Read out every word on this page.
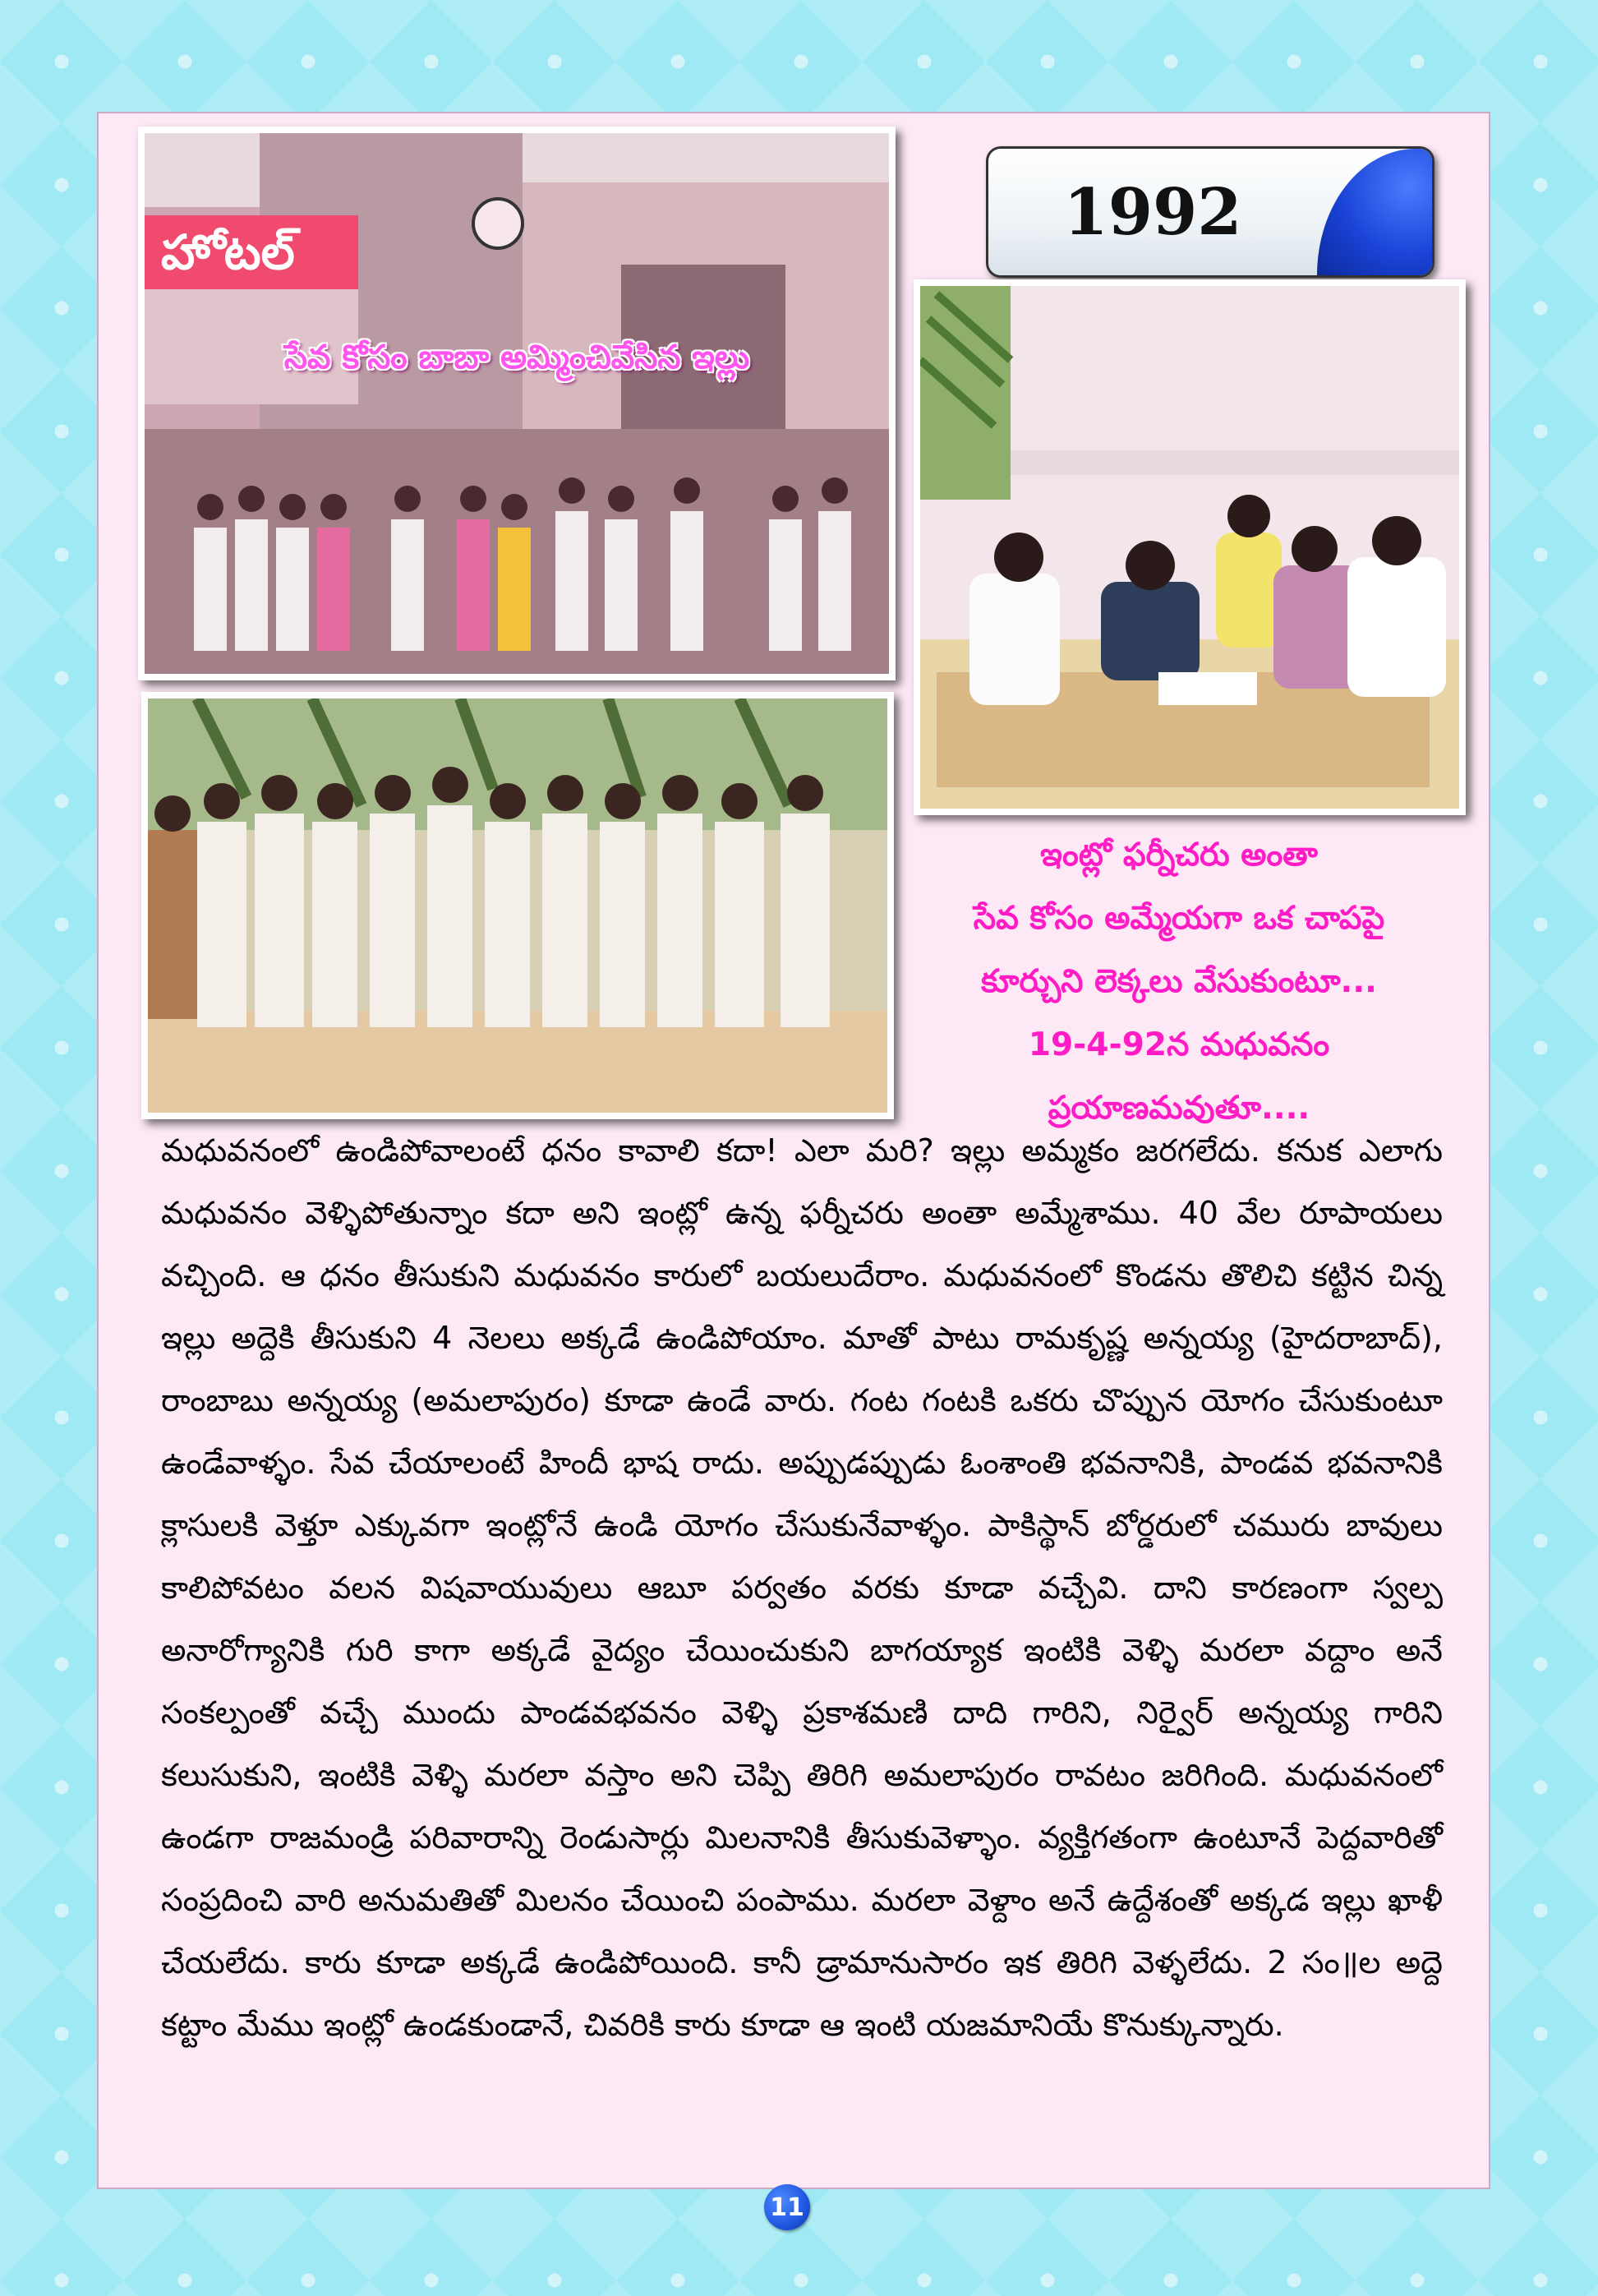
హోటల్
సేవ కోసం బాబా అమ్మించివేసిన ఇల్లు
1992
ఇంట్లో ఫర్నీచరు అంతా
సేవ కోసం అమ్మేయగా ఒక చాపపై
కూర్చుని లెక్కలు వేసుకుంటూ...
19-4-92న మధువనం
ప్రయాణమవుతూ....
మధువనంలో ఉండిపోవాలంటే ధనం కావాలి కదా! ఎలా మరి? ఇల్లు అమ్మకం జరగలేదు. కనుక ఎలాగు మధువనం వెళ్ళిపోతున్నాం కదా అని ఇంట్లో ఉన్న ఫర్నీచరు అంతా అమ్మేశాము. 40 వేల రూపాయలు వచ్చింది. ఆ ధనం తీసుకుని మధువనం కారులో బయలుదేరాం. మధువనంలో కొండను తొలిచి కట్టిన చిన్న ఇల్లు అద్దెకి తీసుకుని 4 నెలలు అక్కడే ఉండిపోయాం. మాతో పాటు రామకృష్ణ అన్నయ్య (హైదరాబాద్), రాంబాబు అన్నయ్య (అమలాపురం) కూడా ఉండే వారు. గంట గంటకి ఒకరు చొప్పున యోగం చేసుకుంటూ ఉండేవాళ్ళం. సేవ చేయాలంటే హిందీ భాష రాదు. అప్పుడప్పుడు ఓంశాంతి భవనానికి, పాండవ భవనానికి క్లాసులకి వెళ్తూ ఎక్కువగా ఇంట్లోనే ఉండి యోగం చేసుకునేవాళ్ళం. పాకిస్థాన్ బోర్డరులో చమురు బావులు కాలిపోవటం వలన విషవాయువులు ఆబూ పర్వతం వరకు కూడా వచ్చేవి. దాని కారణంగా స్వల్ప అనారోగ్యానికి గురి కాగా అక్కడే వైద్యం చేయించుకుని బాగయ్యాక ఇంటికి వెళ్ళి మరలా వద్దాం అనే సంకల్పంతో వచ్చే ముందు పాండవభవనం వెళ్ళి ప్రకాశమణి దాది గారిని, నిర్వైర్ అన్నయ్య గారిని కలుసుకుని, ఇంటికి వెళ్ళి మరలా వస్తాం అని చెప్పి తిరిగి అమలాపురం రావటం జరిగింది. మధువనంలో ఉండగా రాజమండ్రి పరివారాన్ని రెండుసార్లు మిలనానికి తీసుకువెళ్ళాం. వ్యక్తిగతంగా ఉంటూనే పెద్దవారితో సంప్రదించి వారి అనుమతితో మిలనం చేయించి పంపాము. మరలా వెళ్దాం అనే ఉద్దేశంతో అక్కడ ఇల్లు ఖాళీ చేయలేదు. కారు కూడా అక్కడే ఉండిపోయింది. కానీ డ్రామానుసారం ఇక తిరిగి వెళ్ళలేదు. 2 సం॥ల అద్దె కట్టాం మేము ఇంట్లో ఉండకుండానే, చివరికి కారు కూడా ఆ ఇంటి యజమానియే కొనుక్కున్నారు.
11
